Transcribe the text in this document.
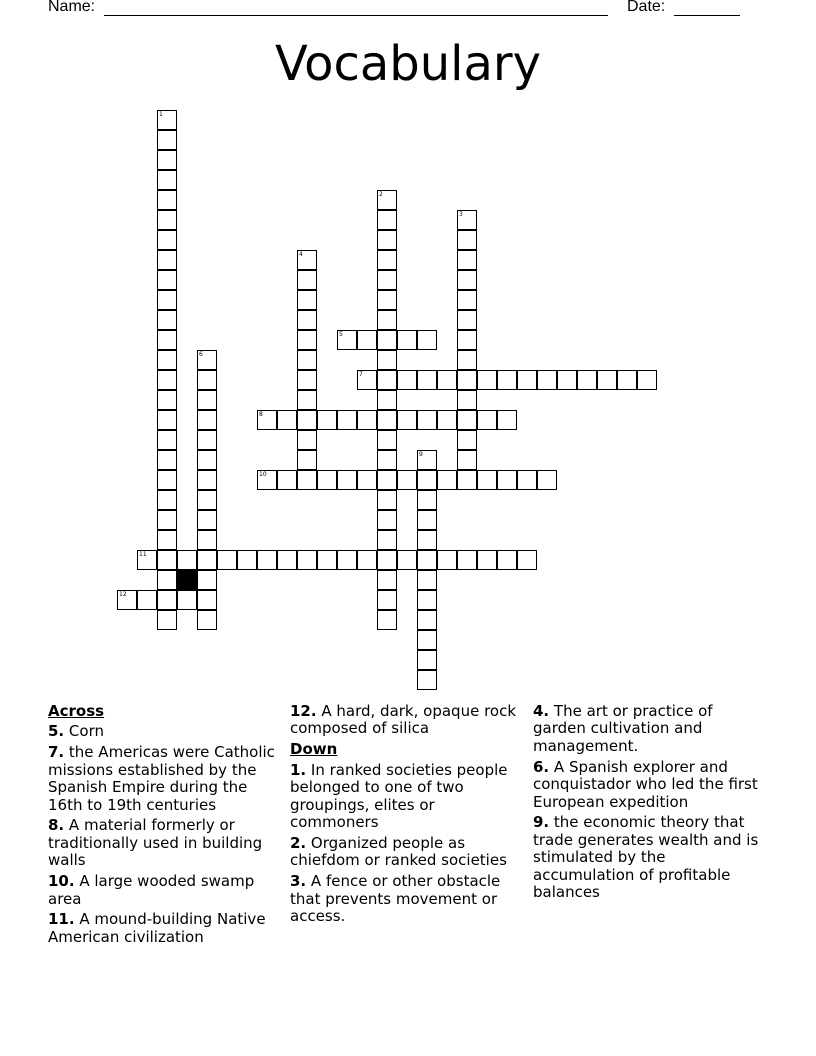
Name:	Date:
Vocabulary
1
2
3
4
5
6
7
8
9
10
11
12
Across
5. Corn
7. the Americas were Catholic missions established by the Spanish Empire during the 16th to 19th centuries
8. A material formerly or traditionally used in building walls
10. A large wooded swamp area
11. A mound-building Native American civilization
12. A hard, dark, opaque rock composed of silica
Down
1. In ranked societies people belonged to one of two groupings, elites or commoners
2. Organized people as chiefdom or ranked societies
3. A fence or other obstacle that prevents movement or access.
4. The art or practice of garden cultivation and management.
6. A Spanish explorer and conquistador who led the first European expedition
9. the economic theory that trade generates wealth and is stimulated by the accumulation of profitable balances
